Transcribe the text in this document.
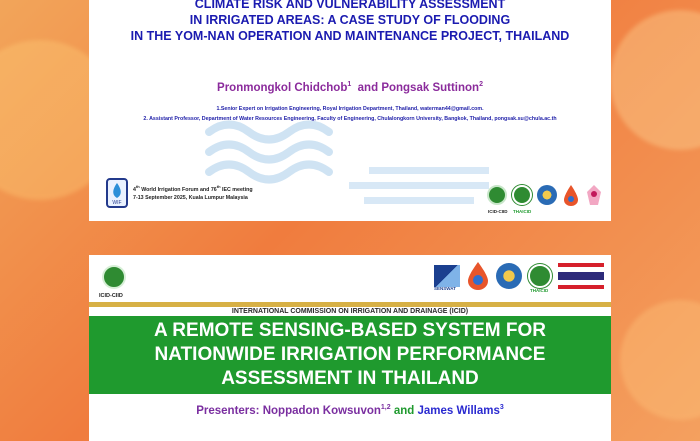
CLIMATE RISK AND VULNERABILITY ASSESSMENT
IN IRRIGATED AREAS: A CASE STUDY OF FLOODING
IN THE YOM-NAN OPERATION AND MAINTENANCE PROJECT, THAILAND
Pronmongkol Chidchob$^1$ and Pongsak Suttinon$^2$
1.Senior Expert on Irrigation Engineering, Royal Irrigation Department, Thailand, waterman44@gmail.com.
2. Assistant Professor, Department of Water Resources Engineering, Faculty of Engineering, Chulalongkorn University, Bangkok, Thailand, pongsak.su@chula.ac.th
WIF
4th World Irrigation Forum and 76th IEC meeting
7-13 September 2025, Kuala Lumpur Malaysia
ICID-CIID THAICID
ICID-CIID
SENSWAT	THAICID
INTERNATIONAL COMMISSION ON IRRIGATION AND DRAINAGE (ICID)
A REMOTE SENSING-BASED SYSTEM FOR
NATIONWIDE IRRIGATION PERFORMANCE
ASSESSMENT IN THAILAND
Presenters: Noppadon Kowsuvon$^{1,2}$ and James Willams$^3$
